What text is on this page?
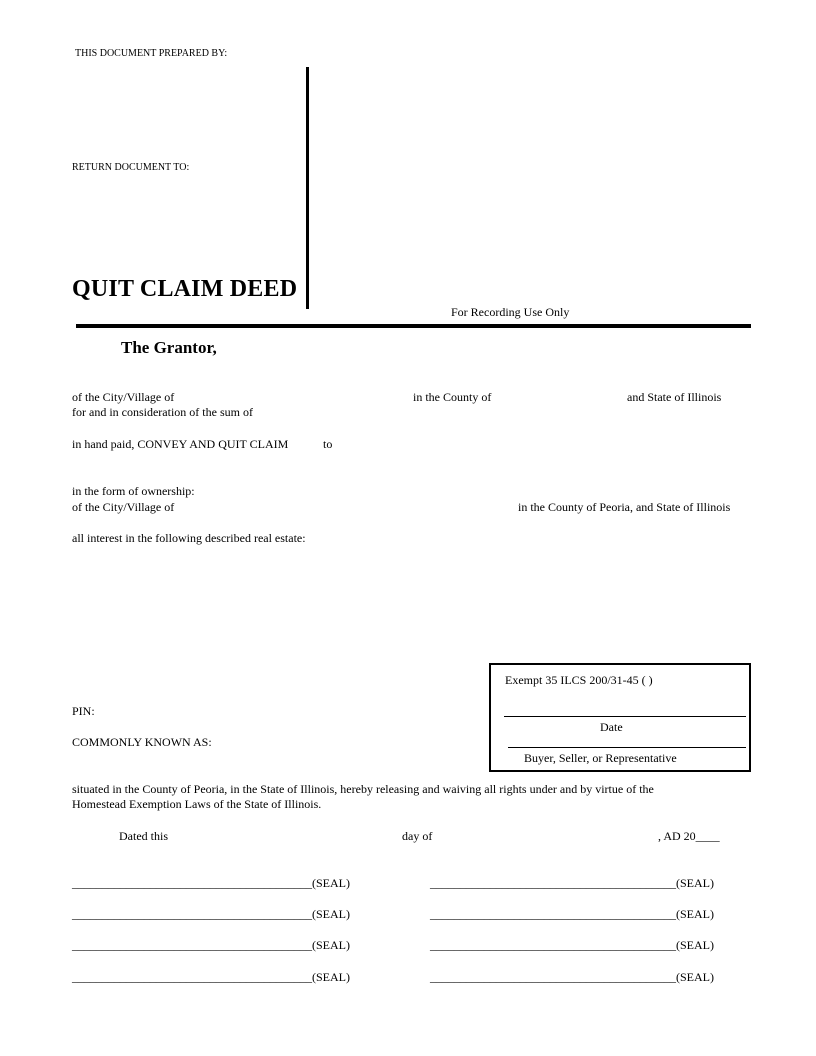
THIS DOCUMENT PREPARED BY:
RETURN DOCUMENT TO:
QUIT CLAIM DEED
For Recording Use Only
The Grantor,
of the City/Village of	in the County of	and State of Illinois
for and in consideration of the sum of
in hand paid, CONVEY AND QUIT CLAIM	to
in the form of ownership:
of the City/Village of	in the County of Peoria, and State of Illinois
all interest in the following described real estate:
PIN:
COMMONLY KNOWN AS:
Exempt 35 ILCS 200/31-45 ( )
Date
Buyer, Seller, or Representative
situated in the County of Peoria, in the State of Illinois, hereby releasing and waiving all rights under and by virtue of the
Homestead Exemption Laws of the State of Illinois.
Dated this	day of	, AD 20____
________________________________________(SEAL)	_________________________________________(SEAL)
________________________________________(SEAL)	_________________________________________(SEAL)
________________________________________(SEAL)	_________________________________________(SEAL)
________________________________________(SEAL)	_________________________________________(SEAL)
